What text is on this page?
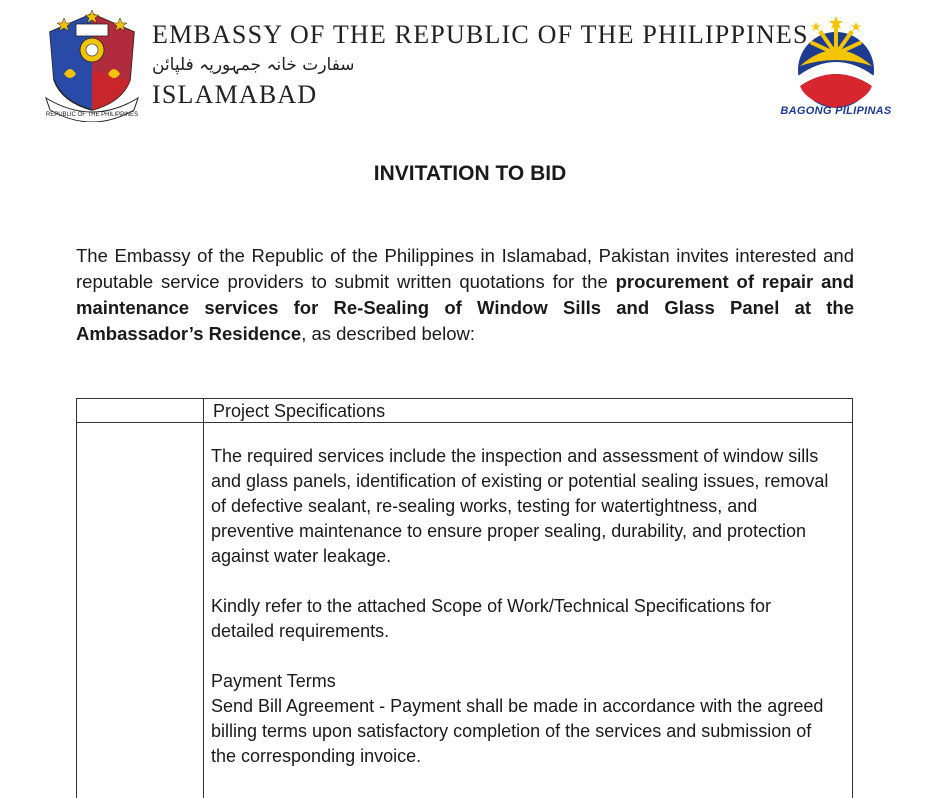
REPUBLIC OF THE PHILIPPINES
EMBASSY OF THE REPUBLIC OF THE PHILIPPINES
سفارت خانہ جمہوریہ فلپائن
ISLAMABAD
BAGONG PILIPINAS
INVITATION TO BID

The Embassy of the Republic of the Philippines in Islamabad, Pakistan invites interested and reputable service providers to submit written quotations for the procurement of repair and maintenance services for Re-Sealing of Window Sills and Glass Panel at the Ambassador’s Residence, as described below:

Project Specifications

The required services include the inspection and assessment of window sills and glass panels, identification of existing or potential sealing issues, removal of defective sealant, re-sealing works, testing for watertightness, and preventive maintenance to ensure proper sealing, durability, and protection against water leakage.

Kindly refer to the attached Scope of Work/Technical Specifications for detailed requirements.

Payment Terms

Send Bill Agreement - Payment shall be made in accordance with the agreed billing terms upon satisfactory completion of the services and submission of the corresponding invoice.
